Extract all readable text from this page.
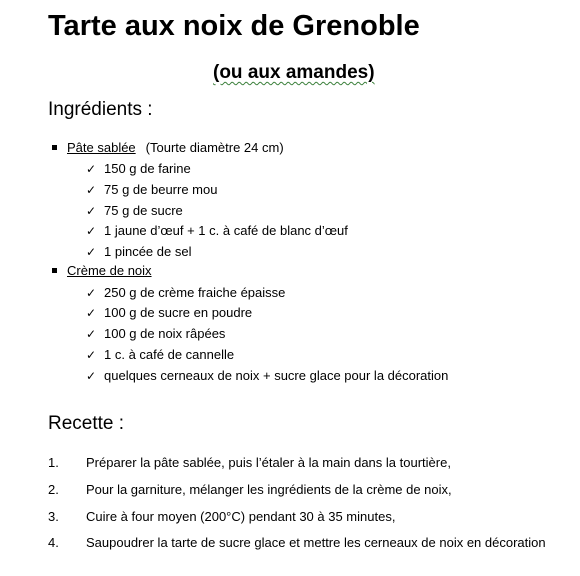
Tarte aux noix de Grenoble
(ou aux amandes)
Ingrédients :
Pâte sablée (Tourte diamètre 24 cm)
✓ 150 g de farine
✓ 75 g de beurre mou
✓ 75 g de sucre
✓ 1 jaune d’œuf + 1 c. à café de blanc d’œuf
✓ 1 pincée de sel
Crème de noix
✓ 250 g de crème fraiche épaisse
✓ 100 g de sucre en poudre
✓ 100 g de noix râpées
✓ 1 c. à café de cannelle
✓ quelques cerneaux de noix + sucre glace pour la décoration
Recette :
1. Préparer la pâte sablée, puis l’étaler à la main dans la tourtière,
2. Pour la garniture, mélanger les ingrédients de la crème de noix,
3. Cuire à four moyen (200°C) pendant 30 à 35 minutes,
4. Saupoudrer la tarte de sucre glace et mettre les cerneaux de noix en décoration
